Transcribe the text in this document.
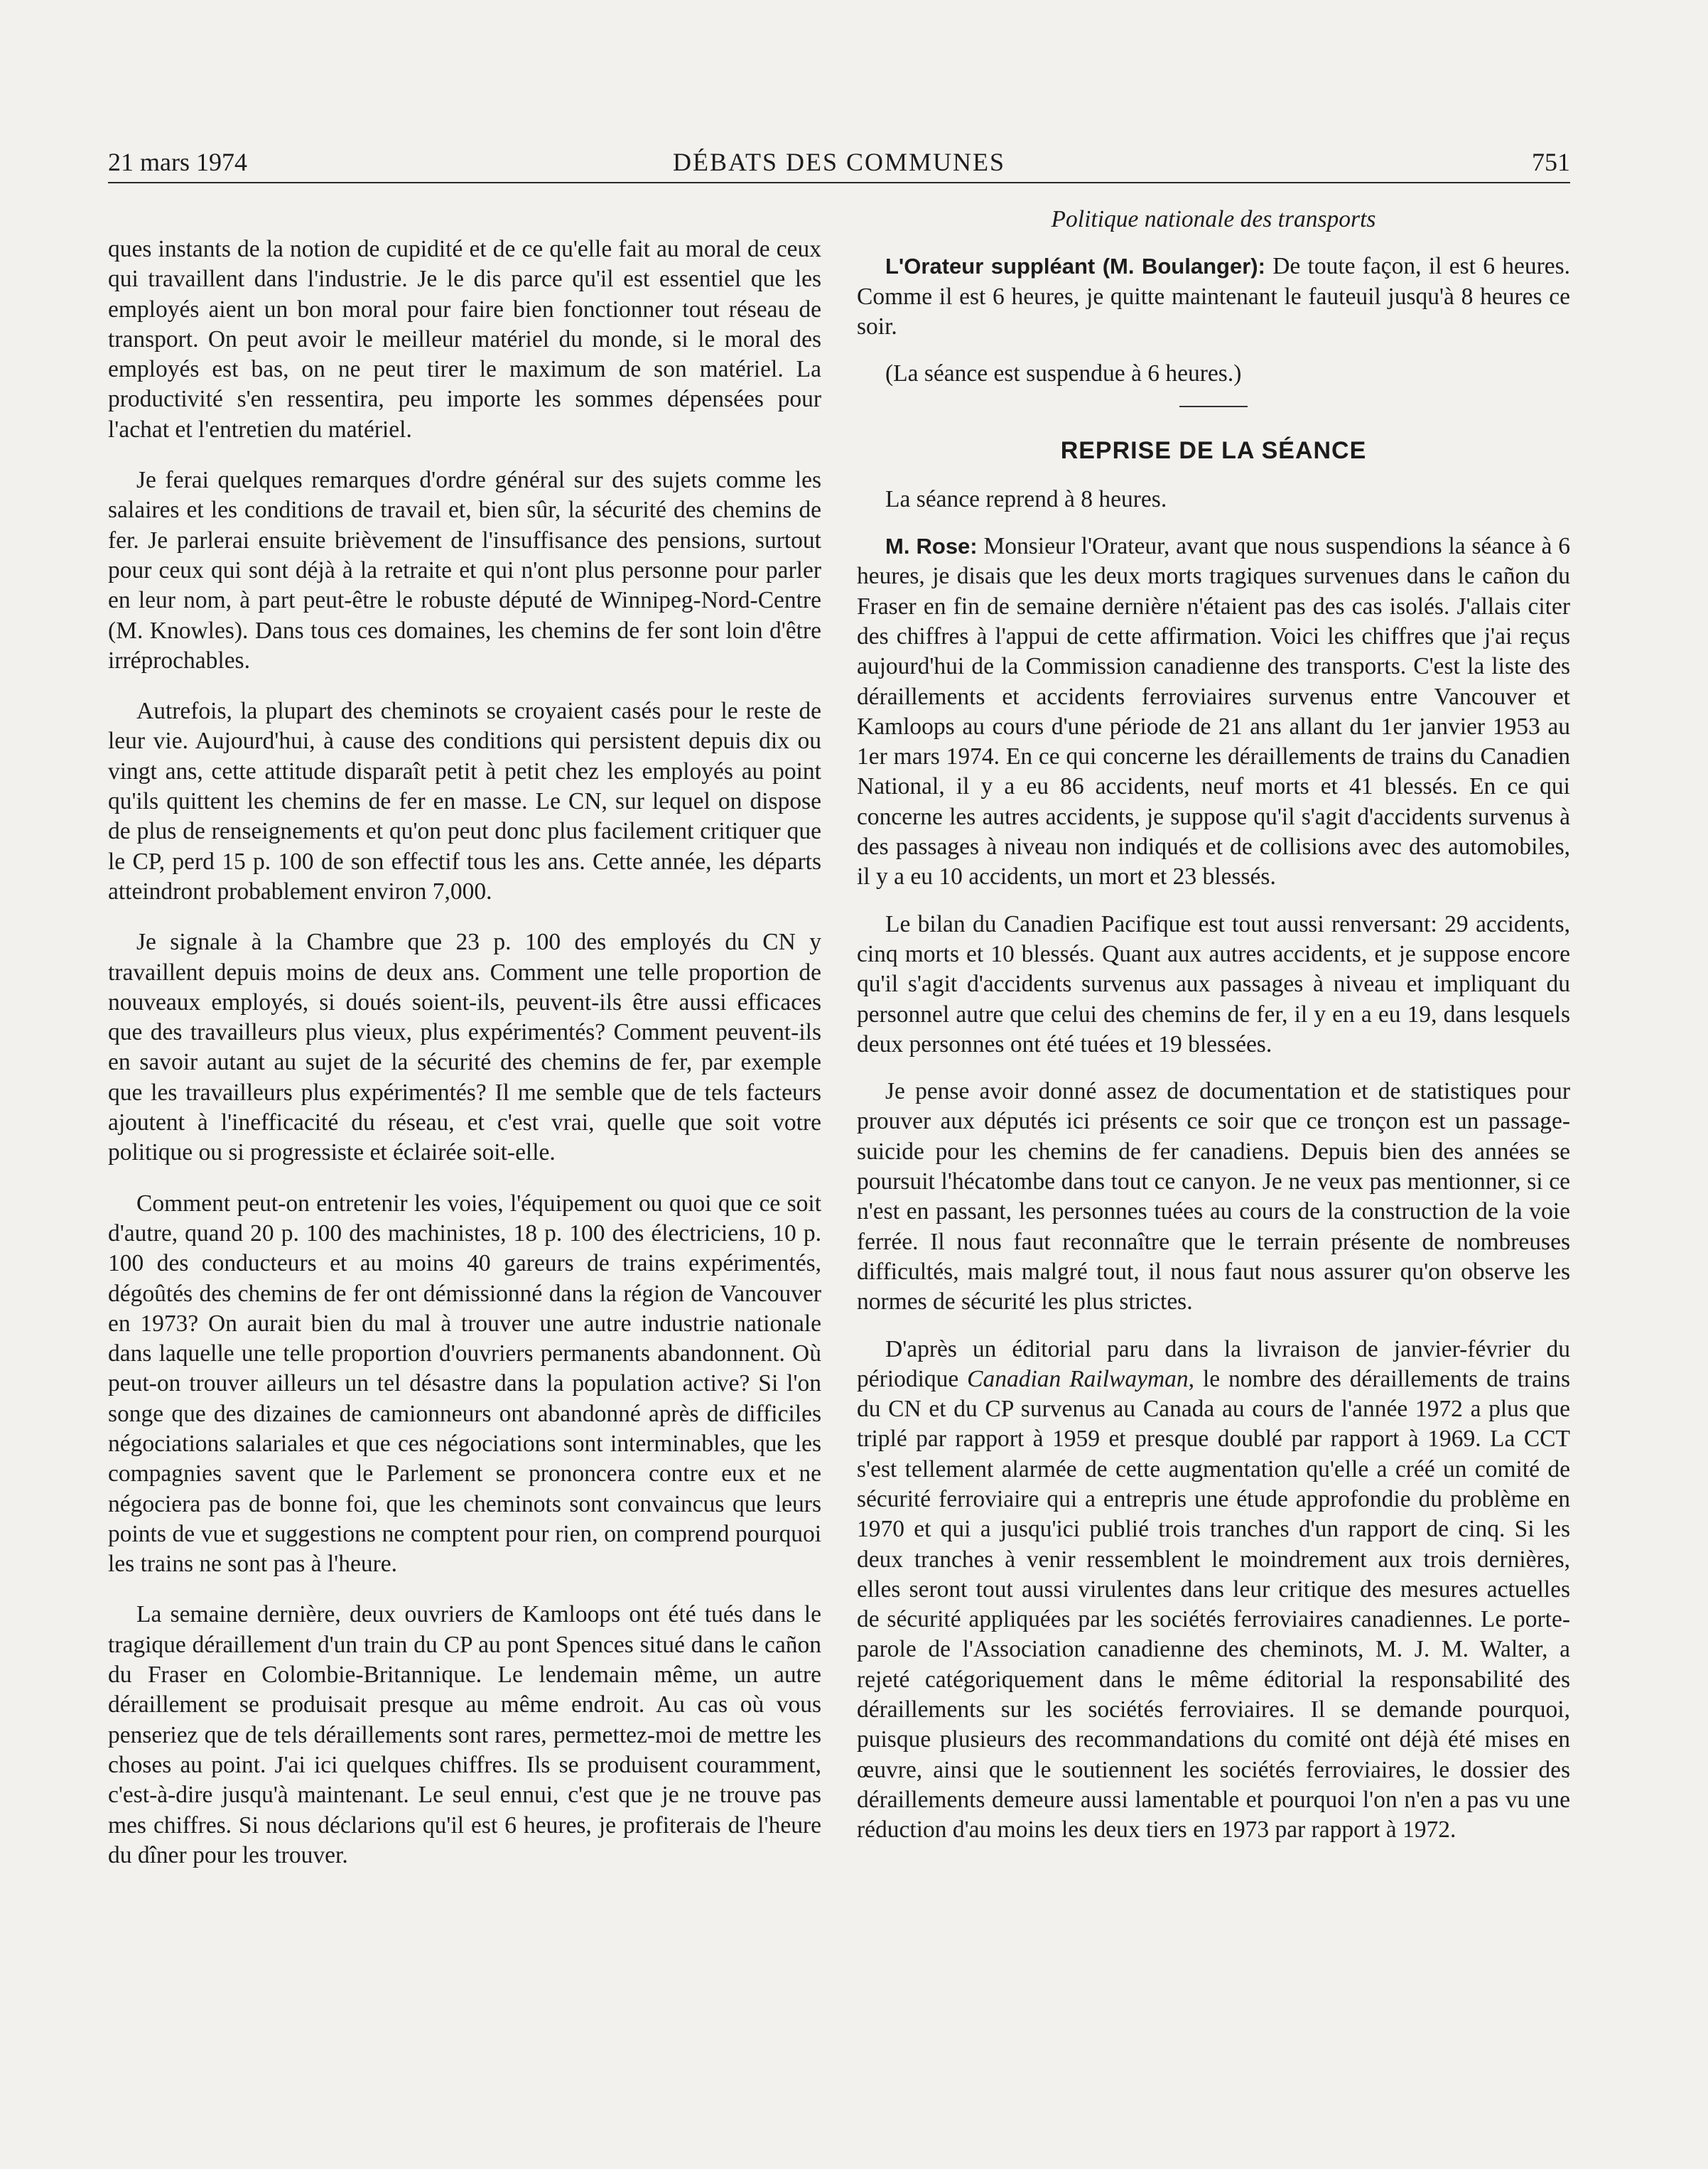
21 mars 1974	DÉBATS DES COMMUNES	751

ques instants de la notion de cupidité et de ce qu'elle fait au moral de ceux qui travaillent dans l'industrie. Je le dis parce qu'il est essentiel que les employés aient un bon moral pour faire bien fonctionner tout réseau de transport. On peut avoir le meilleur matériel du monde, si le moral des employés est bas, on ne peut tirer le maximum de son matériel. La productivité s'en ressentira, peu importe les sommes dépensées pour l'achat et l'entretien du matériel.

Je ferai quelques remarques d'ordre général sur des sujets comme les salaires et les conditions de travail et, bien sûr, la sécurité des chemins de fer. Je parlerai ensuite brièvement de l'insuffisance des pensions, surtout pour ceux qui sont déjà à la retraite et qui n'ont plus personne pour parler en leur nom, à part peut-être le robuste député de Winnipeg-Nord-Centre (M. Knowles). Dans tous ces domaines, les chemins de fer sont loin d'être irréprochables.

Autrefois, la plupart des cheminots se croyaient casés pour le reste de leur vie. Aujourd'hui, à cause des conditions qui persistent depuis dix ou vingt ans, cette attitude disparaît petit à petit chez les employés au point qu'ils quittent les chemins de fer en masse. Le CN, sur lequel on dispose de plus de renseignements et qu'on peut donc plus facilement critiquer que le CP, perd 15 p. 100 de son effectif tous les ans. Cette année, les départs atteindront probablement environ 7,000.

Je signale à la Chambre que 23 p. 100 des employés du CN y travaillent depuis moins de deux ans. Comment une telle proportion de nouveaux employés, si doués soient-ils, peuvent-ils être aussi efficaces que des travailleurs plus vieux, plus expérimentés? Comment peuvent-ils en savoir autant au sujet de la sécurité des chemins de fer, par exemple que les travailleurs plus expérimentés? Il me semble que de tels facteurs ajoutent à l'inefficacité du réseau, et c'est vrai, quelle que soit votre politique ou si progressiste et éclairée soit-elle.

Comment peut-on entretenir les voies, l'équipement ou quoi que ce soit d'autre, quand 20 p. 100 des machinistes, 18 p. 100 des électriciens, 10 p. 100 des conducteurs et au moins 40 gareurs de trains expérimentés, dégoûtés des chemins de fer ont démissionné dans la région de Vancouver en 1973? On aurait bien du mal à trouver une autre industrie nationale dans laquelle une telle proportion d'ouvriers permanents abandonnent. Où peut-on trouver ailleurs un tel désastre dans la population active? Si l'on songe que des dizaines de camionneurs ont abandonné après de difficiles négociations salariales et que ces négociations sont interminables, que les compagnies savent que le Parlement se prononcera contre eux et ne négociera pas de bonne foi, que les cheminots sont convaincus que leurs points de vue et suggestions ne comptent pour rien, on comprend pourquoi les trains ne sont pas à l'heure.

La semaine dernière, deux ouvriers de Kamloops ont été tués dans le tragique déraillement d'un train du CP au pont Spences situé dans le cañon du Fraser en Colombie-Britannique. Le lendemain même, un autre déraillement se produisait presque au même endroit. Au cas où vous penseriez que de tels déraillements sont rares, permettez-moi de mettre les choses au point. J'ai ici quelques chiffres. Ils se produisent couramment, c'est-à-dire jusqu'à maintenant. Le seul ennui, c'est que je ne trouve pas mes chiffres. Si nous déclarions qu'il est 6 heures, je profiterais de l'heure du dîner pour les trouver.

Politique nationale des transports

L'Orateur suppléant (M. Boulanger): De toute façon, il est 6 heures. Comme il est 6 heures, je quitte maintenant le fauteuil jusqu'à 8 heures ce soir.

(La séance est suspendue à 6 heures.)

REPRISE DE LA SÉANCE

La séance reprend à 8 heures.

M. Rose: Monsieur l'Orateur, avant que nous suspendions la séance à 6 heures, je disais que les deux morts tragiques survenues dans le cañon du Fraser en fin de semaine dernière n'étaient pas des cas isolés. J'allais citer des chiffres à l'appui de cette affirmation. Voici les chiffres que j'ai reçus aujourd'hui de la Commission canadienne des transports. C'est la liste des déraillements et accidents ferroviaires survenus entre Vancouver et Kamloops au cours d'une période de 21 ans allant du 1er janvier 1953 au 1er mars 1974. En ce qui concerne les déraillements de trains du Canadien National, il y a eu 86 accidents, neuf morts et 41 blessés. En ce qui concerne les autres accidents, je suppose qu'il s'agit d'accidents survenus à des passages à niveau non indiqués et de collisions avec des automobiles, il y a eu 10 accidents, un mort et 23 blessés.

Le bilan du Canadien Pacifique est tout aussi renversant: 29 accidents, cinq morts et 10 blessés. Quant aux autres accidents, et je suppose encore qu'il s'agit d'accidents survenus aux passages à niveau et impliquant du personnel autre que celui des chemins de fer, il y en a eu 19, dans lesquels deux personnes ont été tuées et 19 blessées.

Je pense avoir donné assez de documentation et de statistiques pour prouver aux députés ici présents ce soir que ce tronçon est un passage-suicide pour les chemins de fer canadiens. Depuis bien des années se poursuit l'hécatombe dans tout ce canyon. Je ne veux pas mentionner, si ce n'est en passant, les personnes tuées au cours de la construction de la voie ferrée. Il nous faut reconnaître que le terrain présente de nombreuses difficultés, mais malgré tout, il nous faut nous assurer qu'on observe les normes de sécurité les plus strictes.

D'après un éditorial paru dans la livraison de janvier-février du périodique Canadian Railwayman, le nombre des déraillements de trains du CN et du CP survenus au Canada au cours de l'année 1972 a plus que triplé par rapport à 1959 et presque doublé par rapport à 1969. La CCT s'est tellement alarmée de cette augmentation qu'elle a créé un comité de sécurité ferroviaire qui a entrepris une étude approfondie du problème en 1970 et qui a jusqu'ici publié trois tranches d'un rapport de cinq. Si les deux tranches à venir ressemblent le moindrement aux trois dernières, elles seront tout aussi virulentes dans leur critique des mesures actuelles de sécurité appliquées par les sociétés ferroviaires canadiennes. Le porte-parole de l'Association canadienne des cheminots, M. J. M. Walter, a rejeté catégoriquement dans le même éditorial la responsabilité des déraillements sur les sociétés ferroviaires. Il se demande pourquoi, puisque plusieurs des recommandations du comité ont déjà été mises en œuvre, ainsi que le soutiennent les sociétés ferroviaires, le dossier des déraillements demeure aussi lamentable et pourquoi l'on n'en a pas vu une réduction d'au moins les deux tiers en 1973 par rapport à 1972.
